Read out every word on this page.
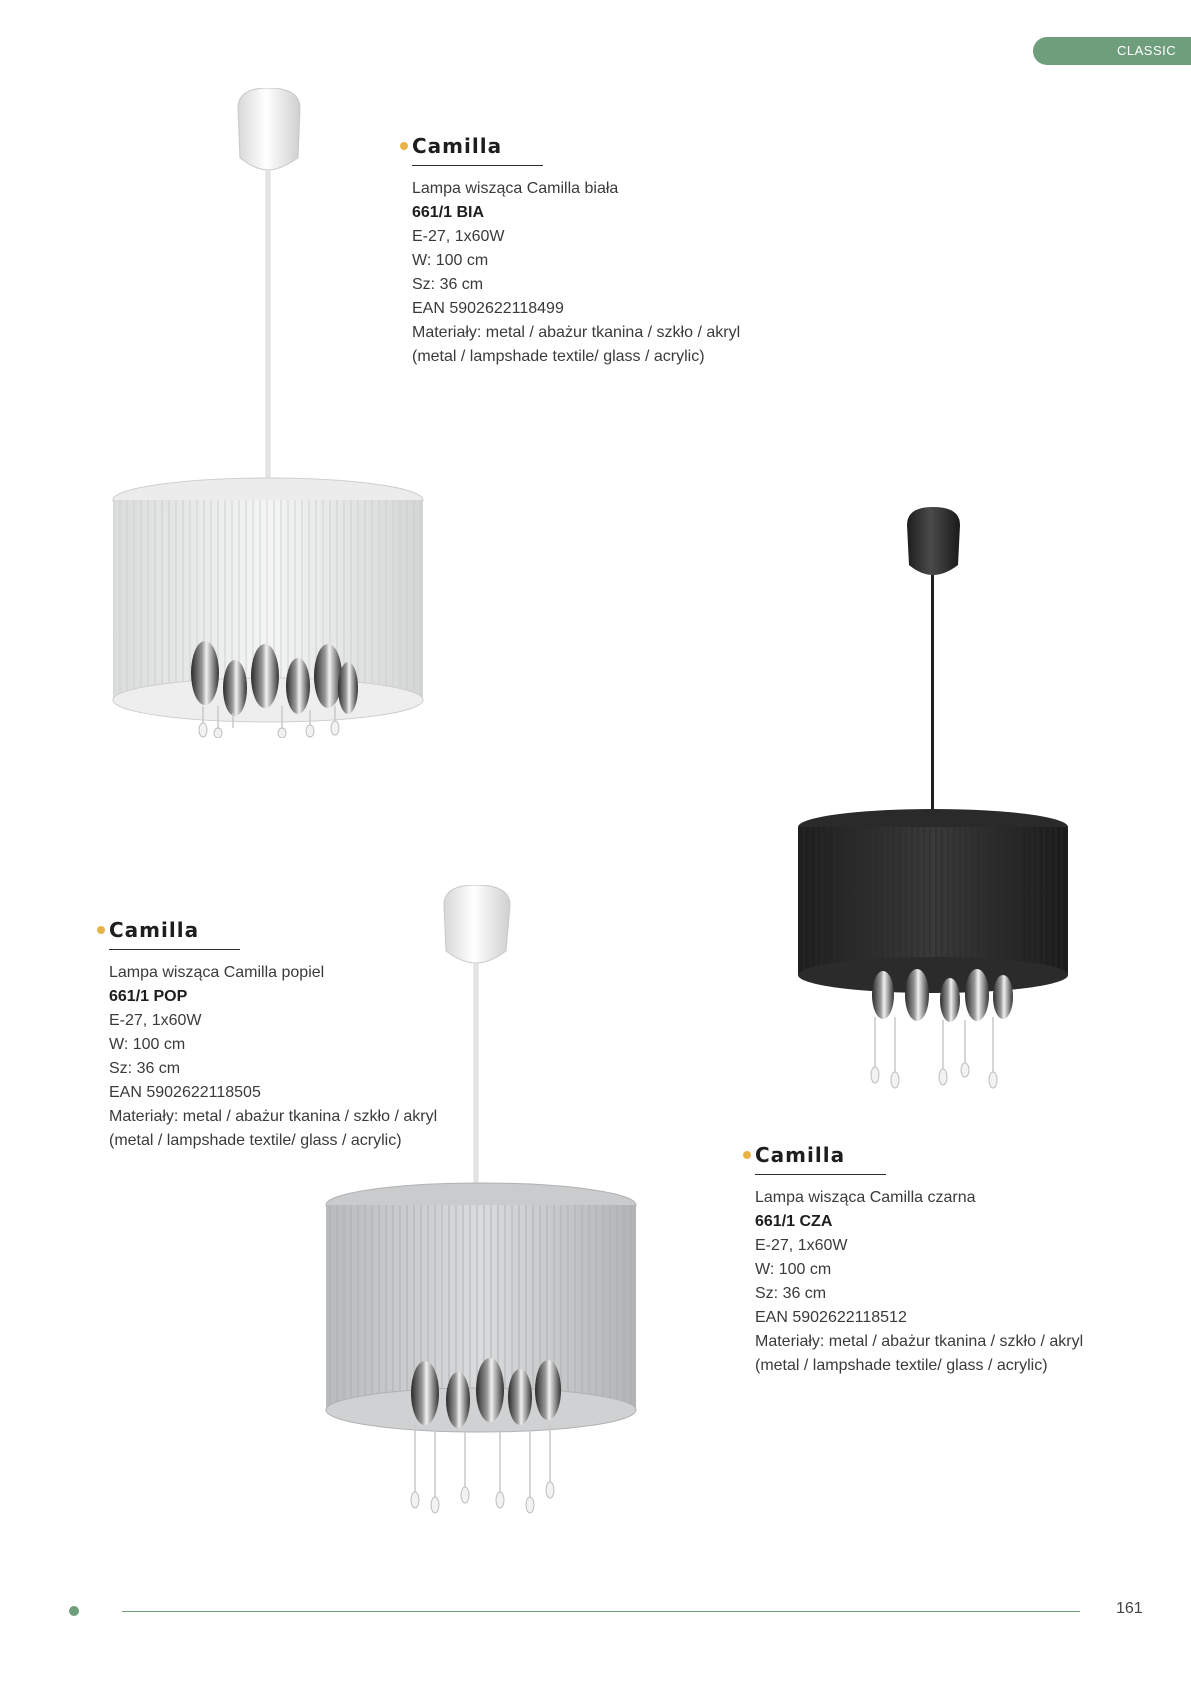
CLASSIC
Camilla
Lampa wisząca Camilla biała
661/1 BIA
E-27, 1x60W
W: 100 cm
Sz: 36 cm
EAN 5902622118499
Materiały: metal / abażur tkanina / szkło / akryl
(metal / lampshade textile/ glass / acrylic)
Camilla
Lampa wisząca Camilla popiel
661/1 POP
E-27, 1x60W
W: 100 cm
Sz: 36 cm
EAN 5902622118505
Materiały: metal / abażur tkanina / szkło / akryl
(metal / lampshade textile/ glass / acrylic)
Camilla
Lampa wisząca Camilla czarna
661/1 CZA
E-27, 1x60W
W: 100 cm
Sz: 36 cm
EAN 5902622118512
Materiały: metal / abażur tkanina / szkło / akryl
(metal / lampshade textile/ glass / acrylic)
161
